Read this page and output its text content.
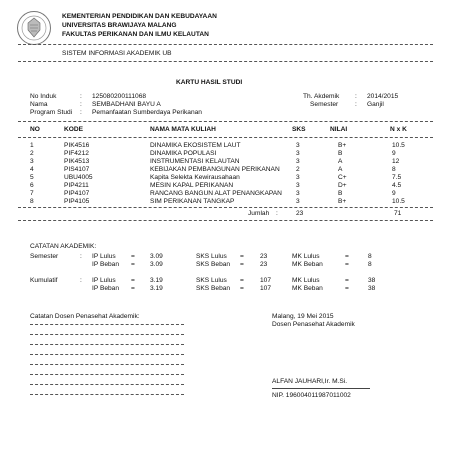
KEMENTERIAN PENDIDIKAN DAN KEBUDAYAAN
UNIVERSITAS BRAWIJAYA MALANG
FAKULTAS PERIKANAN DAN ILMU KELAUTAN
SISTEM INFORMASI AKADEMIK UB
KARTU HASIL STUDI
No Induk	: 125080200111068
Nama	: SEMBADHANI BAYU A
Program Studi : Pemanfaatan Sumberdaya Perikanan
Th. Akdemik : 2014/2015
Semester	: Ganjil
NO	KODE	NAMA MATA KULIAH	SKS	NILAI	N x K
1	PIK4516	DINAMIKA EKOSISTEM LAUT	3	B+	10.5
2	PIF4212	DINAMIKA POPULASI	3	B	9
3	PIK4513	INSTRUMENTASI KELAUTAN	3	A	12
4	PIS4107	KEBIJAKAN PEMBANGUNAN PERIKANAN 2	A	8
5	UBU4005	Kapita Selekta Kewirausahaan	3	C+	7.5
6	PIP4211	MESIN KAPAL PERIKANAN	3	D+	4.5
7	PIP4107	RANCANG BANGUN ALAT PENANGKAPAN 3	B	9
8	PIP4105	SIM PERIKANAN TANGKAP	3	B+	10.5
Jumlah :	23	71
CATATAN AKADEMIK:
Semester	: IP Lulus = 3.09	SKS Lulus = 23	MK Lulus	=	8
IP Beban = 3.09	SKS Beban = 23	MK Beban	=	8
Kumulatif	: IP Lulus = 3.19	SKS Lulus = 107	MK Lulus	=	38
IP Beban = 3.19	SKS Beban = 107	MK Beban	=	38
Catatan Dosen Penasehat Akademik:	Malang, 19 Mei 2015
Dosen Penasehat Akademik
ALFAN JAUHARI,Ir. M.Si.
NIP. 196004011987011002
